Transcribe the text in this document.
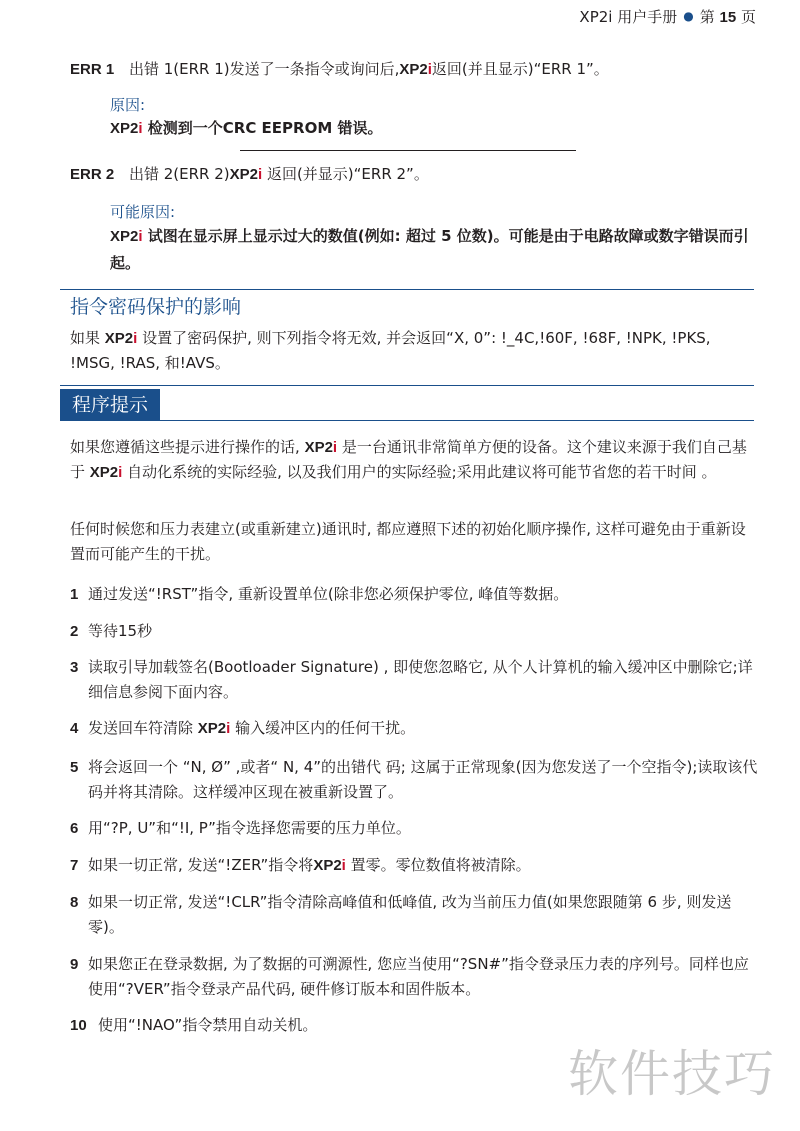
XP2i 用户手册 ● 第 15 页
ERR 1 出错 1(ERR 1)发送了一条指令或询问后,XP2i返回(并且显示)“ERR 1”。
原因:
XP2i 检测到一个CRC EEPROM 错误。
ERR 2 出错 2(ERR 2)XP2i 返回(并显示)“ERR 2”。
可能原因:
XP2i 试图在显示屏上显示过大的数值(例如: 超过 5 位数)。可能是由于电路故障或数字错误而引起。
指令密码保护的影响
如果 XP2i 设置了密码保护, 则下列指令将无效, 并会返回“X, 0”: !_4C,!60F, !68F, !NPK, !PKS, !MSG, !RAS, 和!AVS。
程序提示
如果您遵循这些提示进行操作的话, XP2i 是一台通讯非常简单方便的设备。这个建议来源于我们自己基于 XP2i 自动化系统的实际经验, 以及我们用户的实际经验;采用此建议将可能节省您的若干时间 。
任何时候您和压力表建立(或重新建立)通讯时, 都应遵照下述的初始化顺序操作, 这样可避免由于重新设置而可能产生的干扰。
1 通过发送“!RST”指令, 重新设置单位(除非您必须保护零位, 峰值等数据。
2 等待15秒
3 读取引导加载签名(Bootloader Signature) , 即使您忽略它, 从个人计算机的输入缓冲区中删除它;详细信息参阅下面内容。
4 发送回车符清除 XP2i 输入缓冲区内的任何干扰。
5 将会返回一个 “N, Ø” ,或者“ N, 4”的出错代 码; 这属于正常现象(因为您发送了一个空指令);读取该代码并将其清除。这样缓冲区现在被重新设置了。
6 用“?P, U”和“!I, P”指令选择您需要的压力单位。
7 如果一切正常, 发送“!ZER”指令将XP2i 置零。零位数值将被清除。
8 如果一切正常, 发送“!CLR”指令清除高峰值和低峰值, 改为当前压力值(如果您跟随第 6 步, 则发送零)。
9 如果您正在登录数据, 为了数据的可溯源性, 您应当使用“?SN#”指令登录压力表的序列号。同样也应使用“?VER”指令登录产品代码, 硬件修订版本和固件版本。
10 使用“!NAO”指令禁用自动关机。
软件技巧
